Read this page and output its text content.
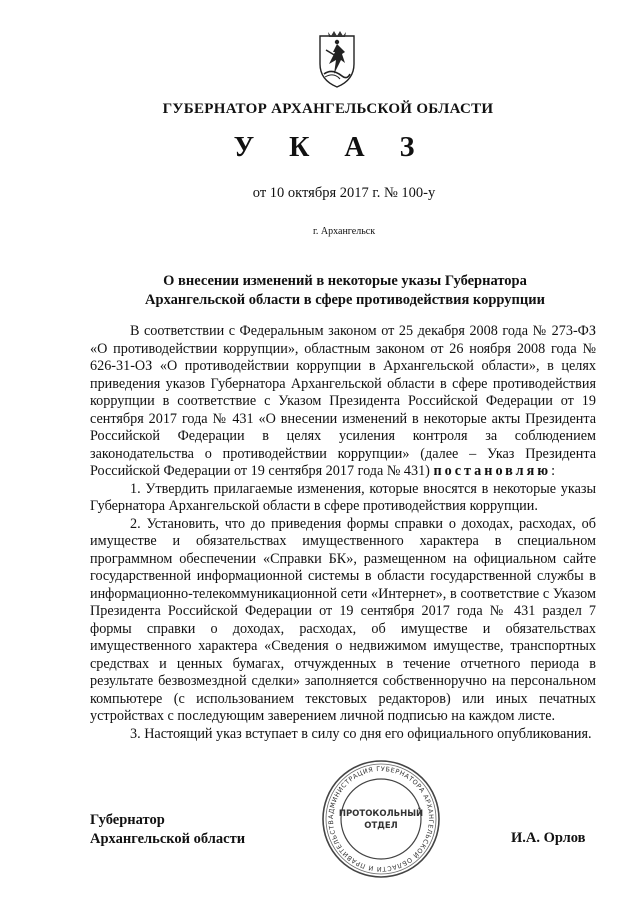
ГУБЕРНАТОР АРХАНГЕЛЬСКОЙ ОБЛАСТИ
У К А З
от 10 октября 2017 г. № 100-у
г. Архангельск
О внесении изменений в некоторые указы Губернатора
Архангельской области в сфере противодействия коррупции

В соответствии с Федеральным законом от 25 декабря 2008 года № 273-ФЗ «О противодействии коррупции», областным законом от 26 ноября 2008 года № 626-31-ОЗ «О противодействии коррупции в Архангельской области», в целях приведения указов Губернатора Архангельской области в сфере противодействия коррупции в соответствие с Указом Президента Российской Федерации от 19 сентября 2017 года № 431 «О внесении изменений в некоторые акты Президента Российской Федерации в целях усиления контроля за соблюдением законодательства о противодействии коррупции» (далее – Указ Президента Российской Федерации от 19 сентября 2017 года № 431) постановляю:

1. Утвердить прилагаемые изменения, которые вносятся в некоторые указы Губернатора Архангельской области в сфере противодействия коррупции.

2. Установить, что до приведения формы справки о доходах, расходах, об имуществе и обязательствах имущественного характера в специальном программном обеспечении «Справки БК», размещенном на официальном сайте государственной информационной системы в области государственной службы в информационно-телекоммуникационной сети «Интернет», в соответствие с Указом Президента Российской Федерации от 19 сентября 2017 года № 431 раздел 7 формы справки о доходах, расходах, об имуществе и обязательствах имущественного характера «Сведения о недвижимом имуществе, транспортных средствах и ценных бумагах, отчужденных в течение отчетного периода в результате безвозмездной сделки» заполняется собственноручно на персональном компьютере (с использованием текстовых редакторов) или иных печатных устройствах с последующим заверением личной подписью на каждом листе.

3. Настоящий указ вступает в силу со дня его официального опубликования.

АДМИНИСТРАЦИЯ ГУБЕРНАТОРА АРХАНГЕЛЬСКОЙ ОБЛАСТИ И ПРАВИТЕЛЬСТВ
ПРОТОКОЛЬНЫЙ
ОТДЕЛ
Губернатор
Архангельской области	И.А. Орлов
